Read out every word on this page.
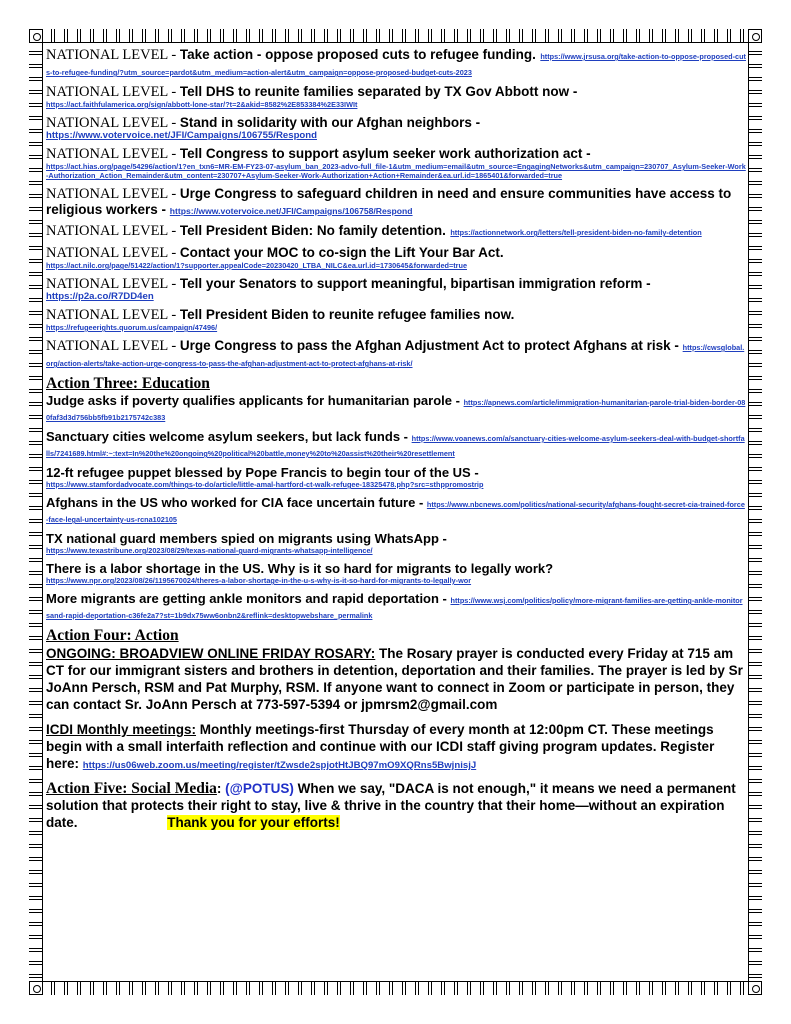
NATIONAL LEVEL - Take action - oppose proposed cuts to refugee funding. https://www.jrsusa.org/take-action-to-oppose-proposed-cuts-to-refugee-funding/?utm_source=pardot&utm_medium=action-alert&utm_campaign=oppose-proposed-budget-cuts-2023
NATIONAL LEVEL - Tell DHS to reunite families separated by TX Gov Abbott now -
https://act.faithfulamerica.org/sign/abbott-lone-star/?t=2&akid=8582%2E853384%2E33IWIt
NATIONAL LEVEL - Stand in solidarity with our Afghan neighbors -
https://www.votervoice.net/JFI/Campaigns/106755/Respond
NATIONAL LEVEL - Tell Congress to support asylum seeker work authorization act -
https://act.hias.org/page/54296/action/1?en_txn6=MR-EM-FY23-07-asylum_ban_2023-advo-full_file-1&utm_medium=email&utm_source=EngagingNetworks&utm_campaign=230707_Asylum-Seeker-Work-Authorization_Action_Remainder&utm_content=230707+Asylum-Seeker-Work-Authorization+Action+Remainder&ea.url.id=1865401&forwarded=true
NATIONAL LEVEL - Urge Congress to safeguard children in need and ensure communities have access to religious workers - https://www.votervoice.net/JFI/Campaigns/106758/Respond
NATIONAL LEVEL - Tell President Biden: No family detention. https://actionnetwork.org/letters/tell-president-biden-no-family-detention
NATIONAL LEVEL - Contact your MOC to co-sign the Lift Your Bar Act.
https://act.nilc.org/page/51422/action/1?supporter.appealCode=20230420_LTBA_NILC&ea.url.id=1730645&forwarded=true
NATIONAL LEVEL - Tell your Senators to support meaningful, bipartisan immigration reform -
https://p2a.co/R7DD4en
NATIONAL LEVEL - Tell President Biden to reunite refugee families now.
https://refugeerights.quorum.us/campaign/47496/
NATIONAL LEVEL - Urge Congress to pass the Afghan Adjustment Act to protect Afghans at risk - https://cwsglobal.org/action-alerts/take-action-urge-congress-to-pass-the-afghan-adjustment-act-to-protect-afghans-at-risk/
Action Three: Education
Judge asks if poverty qualifies applicants for humanitarian parole - https://apnews.com/article/immigration-humanitarian-parole-trial-biden-border-080faf3d3d756bb5fb91b2175742c383
Sanctuary cities welcome asylum seekers, but lack funds - https://www.voanews.com/a/sanctuary-cities-welcome-asylum-seekers-deal-with-budget-shortfalls/7241689.html#:~:text=In%20the%20ongoing%20political%20battle,money%20to%20assist%20their%20resettlement
12-ft refugee puppet blessed by Pope Francis to begin tour of the US -
https://www.stamfordadvocate.com/things-to-do/article/little-amal-hartford-ct-walk-refugee-18325478.php?src=sthppromostrip
Afghans in the US who worked for CIA face uncertain future - https://www.nbcnews.com/politics/national-security/afghans-fought-secret-cia-trained-force-face-legal-uncertainty-us-rcna102105
TX national guard members spied on migrants using WhatsApp -
https://www.texastribune.org/2023/08/29/texas-national-guard-migrants-whatsapp-intelligence/
There is a labor shortage in the US. Why is it so hard for migrants to legally work?
https://www.npr.org/2023/08/26/1195670024/theres-a-labor-shortage-in-the-u-s-why-is-it-so-hard-for-migrants-to-legally-wor
More migrants are getting ankle monitors and rapid deportation - https://www.wsj.com/politics/policy/more-migrant-families-are-getting-ankle-monitorsand-rapid-deportation-c36fe2a7?st=1b9dx75ww6onbn2&reflink=desktopwebshare_permalink
Action Four: Action
ONGOING: BROADVIEW ONLINE FRIDAY ROSARY: The Rosary prayer is conducted every Friday at 715 am CT for our immigrant sisters and brothers in detention, deportation and their families. The prayer is led by Sr JoAnn Persch, RSM and Pat Murphy, RSM. If anyone want to connect in Zoom or participate in person, they can contact Sr. JoAnn Persch at 773-597-5394 or jpmrsm2@gmail.com
ICDI Monthly meetings: Monthly meetings-first Thursday of every month at 12:00pm CT. These meetings begin with a small interfaith reflection and continue with our ICDI staff giving program updates. Register here: https://us06web.zoom.us/meeting/register/tZwsde2spjotHtJBQ97mO9XQRns5BwjnisjJ
Action Five: Social Media: (@POTUS) When we say, "DACA is not enough," it means we need a permanent solution that protects their right to stay, live & thrive in the country that their home—without an expiration date.	Thank you for your efforts!
